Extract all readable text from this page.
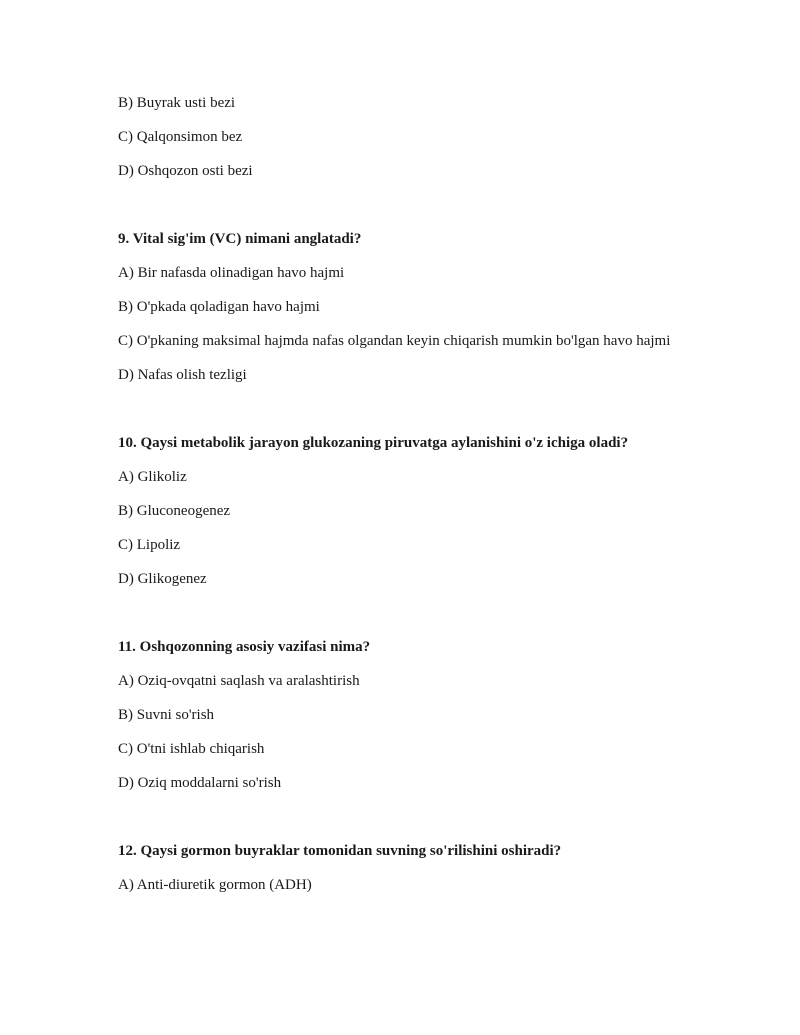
B) Buyrak usti bezi

C) Qalqonsimon bez

D) Oshqozon osti bezi

9. Vital sig'im (VC) nimani anglatadi?

A) Bir nafasda olinadigan havo hajmi

B) O'pkada qoladigan havo hajmi

C) O'pkaning maksimal hajmda nafas olgandan keyin chiqarish mumkin bo'lgan havo hajmi

D) Nafas olish tezligi

10. Qaysi metabolik jarayon glukozaning piruvatga aylanishini o'z ichiga oladi?

A) Glikoliz

B) Gluconeogenez

C) Lipoliz

D) Glikogenez

11. Oshqozonning asosiy vazifasi nima?

A) Oziq-ovqatni saqlash va aralashtirish

B) Suvni so'rish

C) O'tni ishlab chiqarish

D) Oziq moddalarni so'rish

12. Qaysi gormon buyraklar tomonidan suvning so'rilishini oshiradi?

A) Anti-diuretik gormon (ADH)
